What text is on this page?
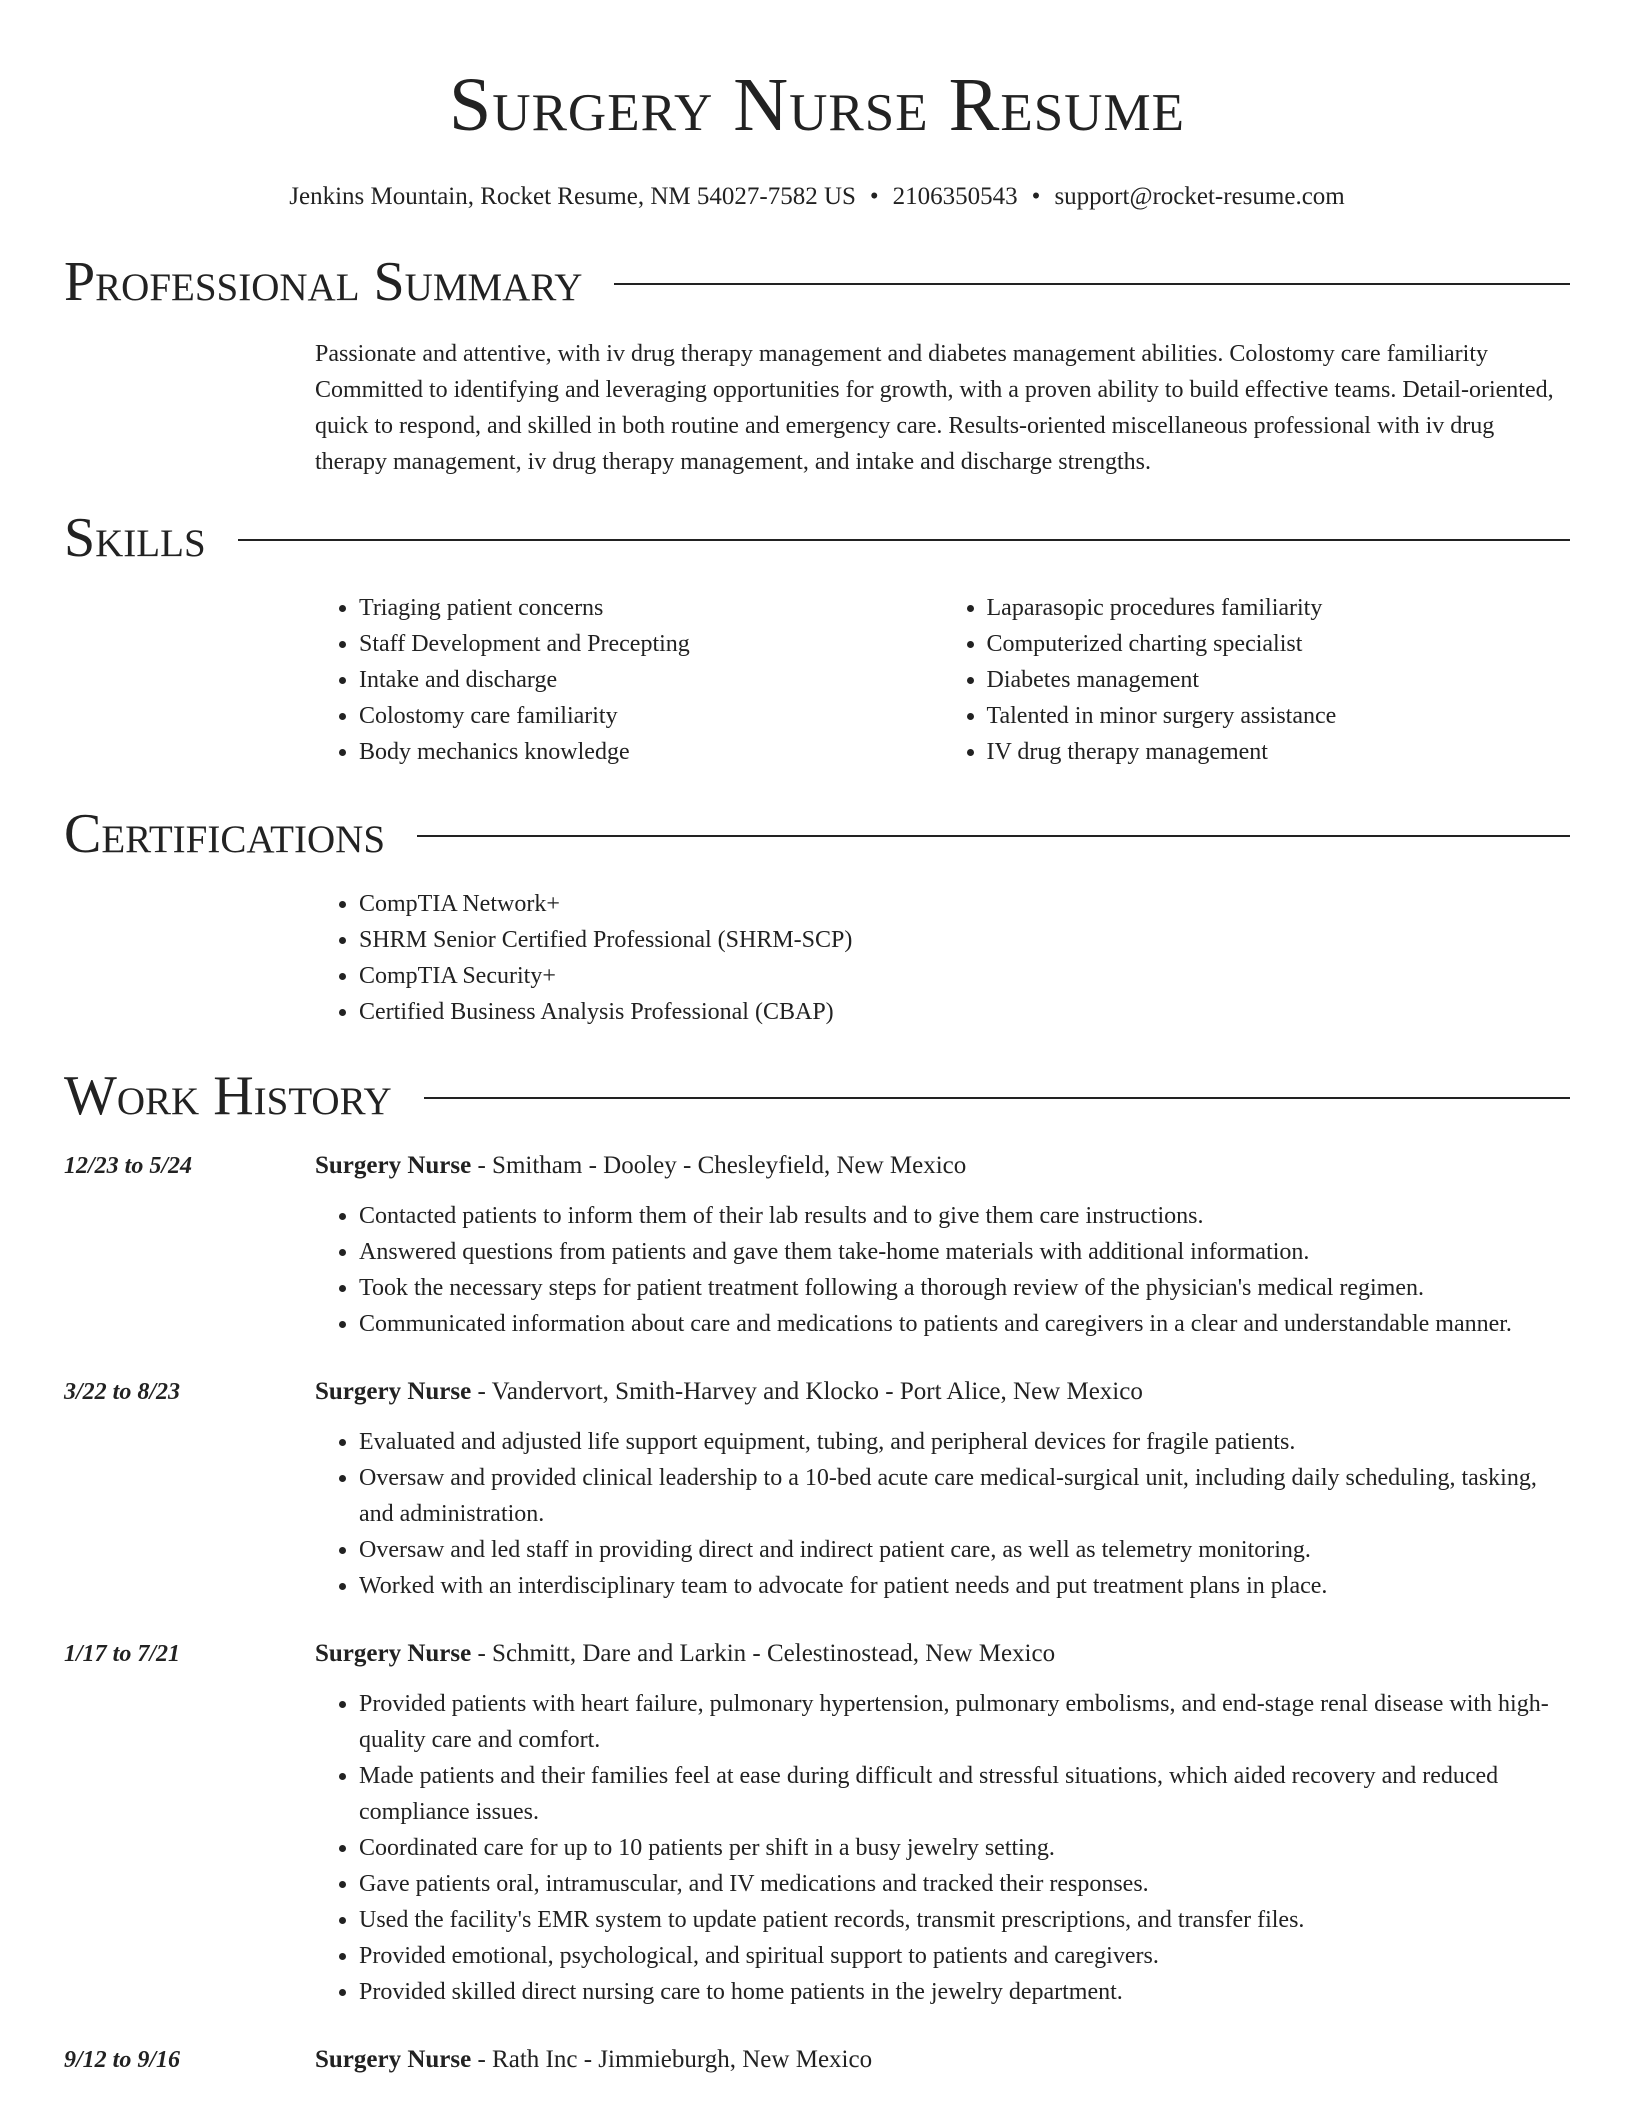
Surgery Nurse Resume
Jenkins Mountain, Rocket Resume, NM 54027-7582 US • 2106350543 • support@rocket-resume.com
Professional Summary

Passionate and attentive, with iv drug therapy management and diabetes management abilities. Colostomy care familiarity Committed to identifying and leveraging opportunities for growth, with a proven ability to build effective teams. Detail-oriented, quick to respond, and skilled in both routine and emergency care. Results-oriented miscellaneous professional with iv drug therapy management, iv drug therapy management, and intake and discharge strengths.

Skills
• Triaging patient concerns
• Staff Development and Precepting
• Intake and discharge
• Colostomy care familiarity
• Body mechanics knowledge
• Laparasopic procedures familiarity
• Computerized charting specialist
• Diabetes management
• Talented in minor surgery assistance
• IV drug therapy management
Certifications
• CompTIA Network+
• SHRM Senior Certified Professional (SHRM-SCP)
• CompTIA Security+
• Certified Business Analysis Professional (CBAP)
Work History
12/23 to 5/24	Surgery Nurse - Smitham - Dooley - Chesleyfield, New Mexico
• Contacted patients to inform them of their lab results and to give them care instructions.
• Answered questions from patients and gave them take-home materials with additional information.
• Took the necessary steps for patient treatment following a thorough review of the physician's medical regimen.
• Communicated information about care and medications to patients and caregivers in a clear and understandable manner.
3/22 to 8/23	Surgery Nurse - Vandervort, Smith-Harvey and Klocko - Port Alice, New Mexico
• Evaluated and adjusted life support equipment, tubing, and peripheral devices for fragile patients.
• Oversaw and provided clinical leadership to a 10-bed acute care medical-surgical unit, including daily scheduling, tasking, and administration.
• Oversaw and led staff in providing direct and indirect patient care, as well as telemetry monitoring.
• Worked with an interdisciplinary team to advocate for patient needs and put treatment plans in place.
1/17 to 7/21	Surgery Nurse - Schmitt, Dare and Larkin - Celestinostead, New Mexico
• Provided patients with heart failure, pulmonary hypertension, pulmonary embolisms, and end-stage renal disease with high-quality care and comfort.
• Made patients and their families feel at ease during difficult and stressful situations, which aided recovery and reduced compliance issues.
• Coordinated care for up to 10 patients per shift in a busy jewelry setting.
• Gave patients oral, intramuscular, and IV medications and tracked their responses.
• Used the facility's EMR system to update patient records, transmit prescriptions, and transfer files.
• Provided emotional, psychological, and spiritual support to patients and caregivers.
• Provided skilled direct nursing care to home patients in the jewelry department.
9/12 to 9/16	Surgery Nurse - Rath Inc - Jimmieburgh, New Mexico
